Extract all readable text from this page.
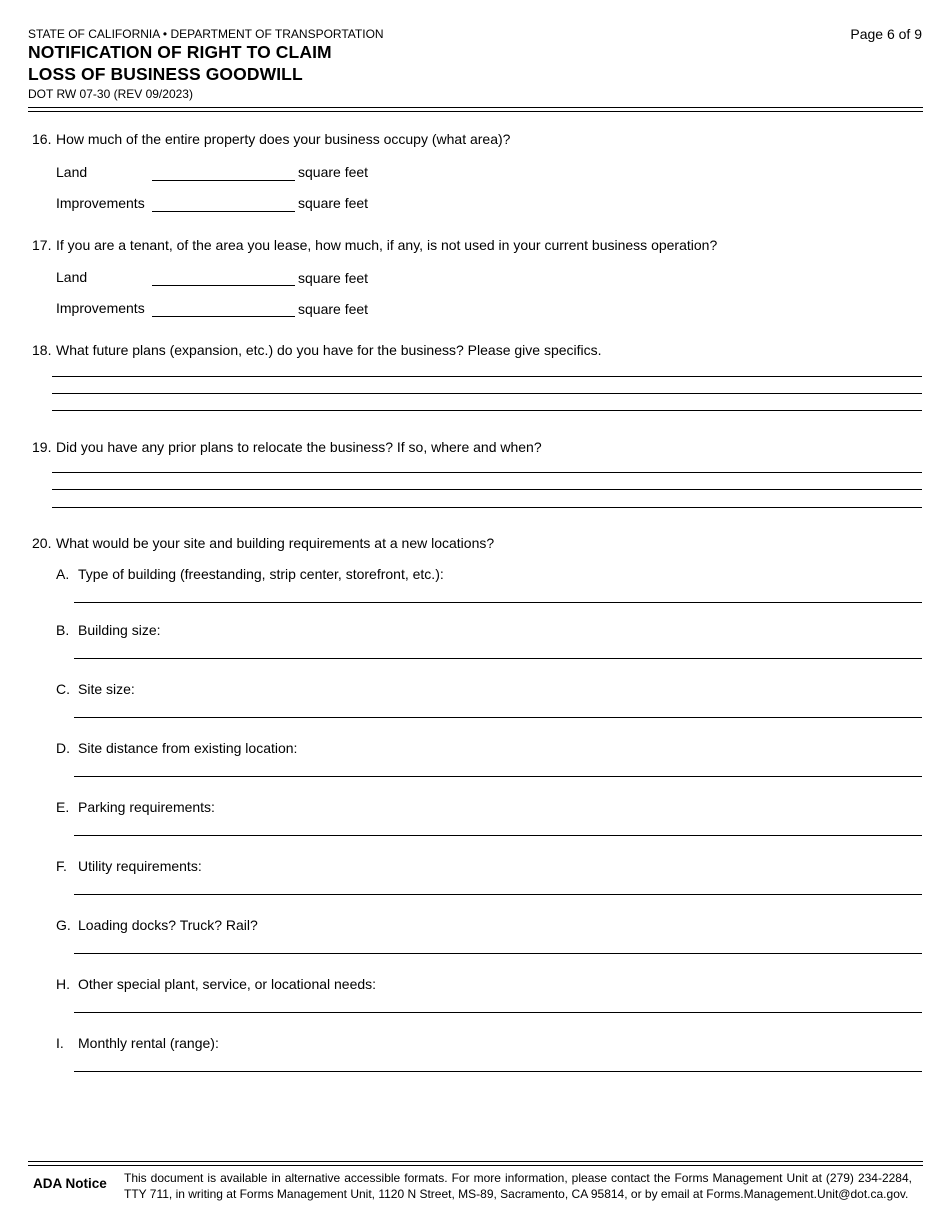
STATE OF CALIFORNIA • DEPARTMENT OF TRANSPORTATION	Page 6 of 9
NOTIFICATION OF RIGHT TO CLAIM
LOSS OF BUSINESS GOODWILL
DOT RW 07-30 (REV 09/2023)
16. How much of the entire property does your business occupy (what area)?
Land	square feet
Improvements	square feet
17. If you are a tenant, of the area you lease, how much, if any, is not used in your current business operation?
Land	square feet
Improvements	square feet
18. What future plans (expansion, etc.) do you have for the business? Please give specifics.
19. Did you have any prior plans to relocate the business? If so, where and when?
20. What would be your site and building requirements at a new locations?
A. Type of building (freestanding, strip center, storefront, etc.):
B. Building size:
C. Site size:
D. Site distance from existing location:
E. Parking requirements:
F. Utility requirements:
G. Loading docks? Truck? Rail?
H. Other special plant, service, or locational needs:
I. Monthly rental (range):
ADA Notice This document is available in alternative accessible formats. For more information, please contact the Forms Management Unit at (279) 234-2284, TTY 711, in writing at Forms Management Unit, 1120 N Street, MS-89, Sacramento, CA 95814, or by email at Forms.Management.Unit@dot.ca.gov.
